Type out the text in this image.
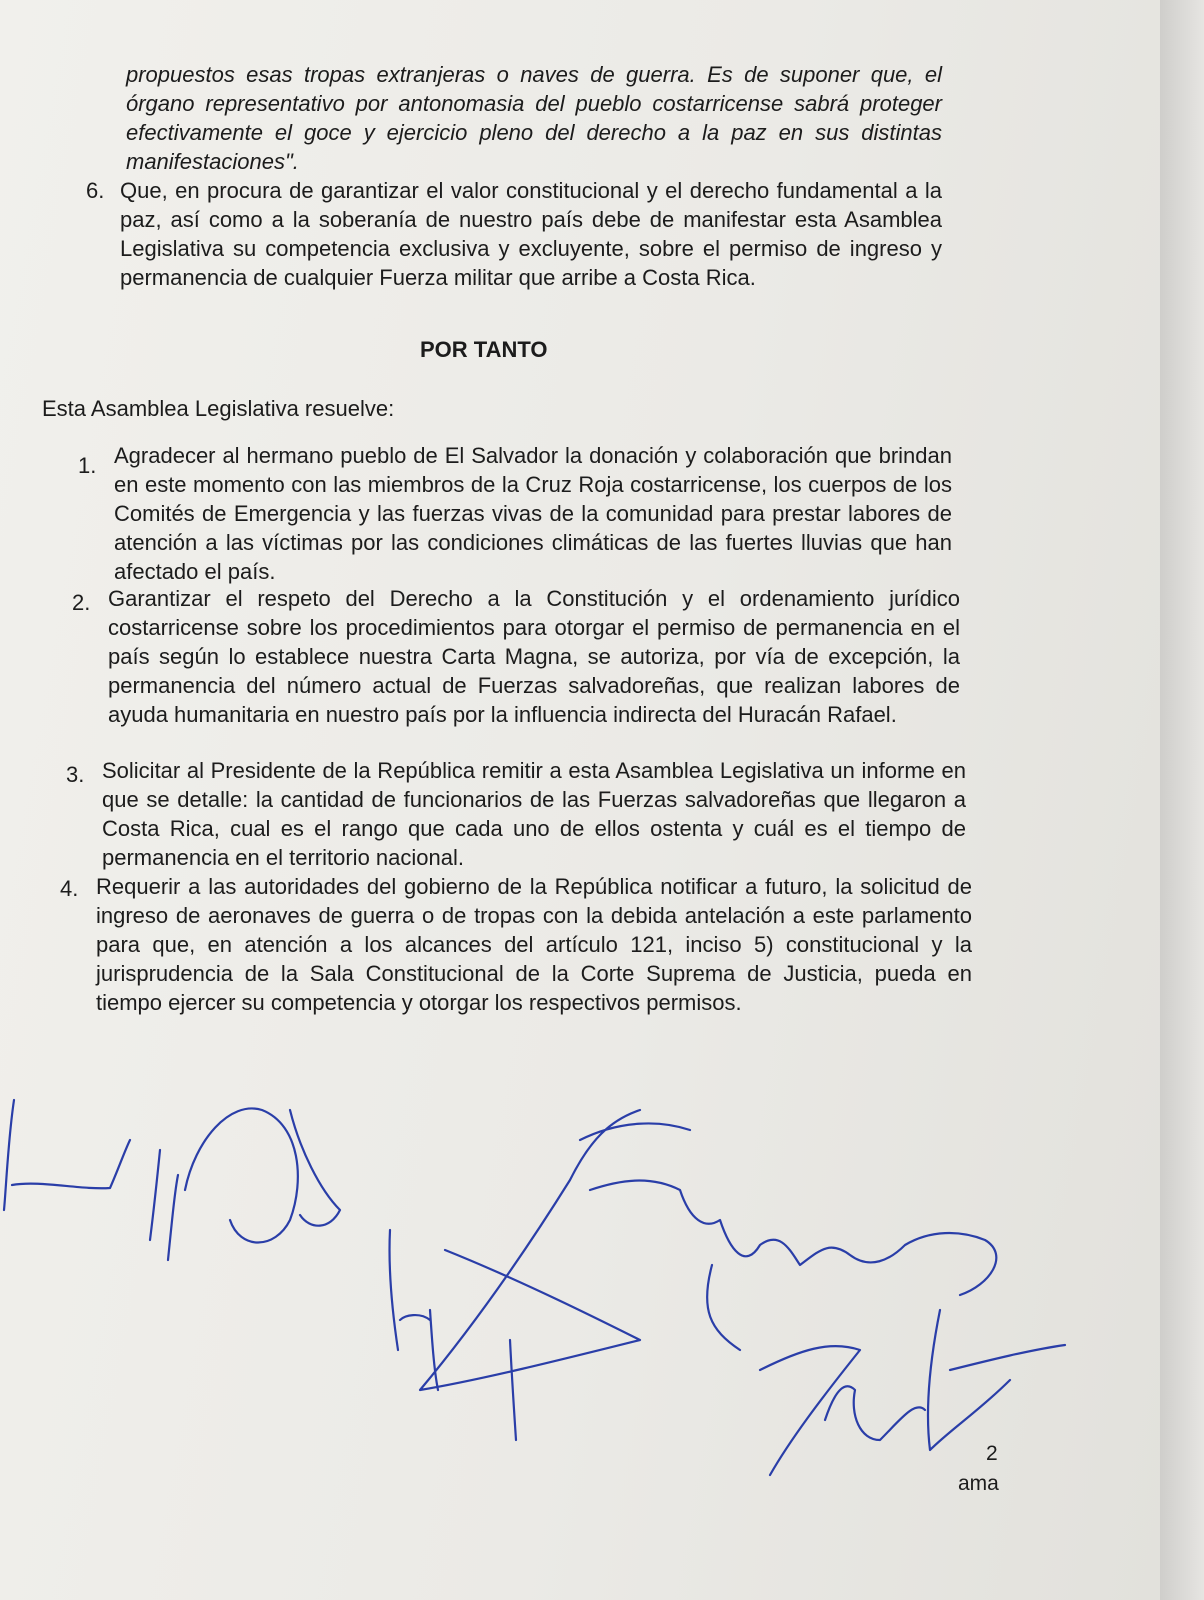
propuestos esas tropas extranjeras o naves de guerra. Es de suponer que, el órgano representativo por antonomasia del pueblo costarricense sabrá proteger efectivamente el goce y ejercicio pleno del derecho a la paz en sus distintas manifestaciones".
6. Que, en procura de garantizar el valor constitucional y el derecho fundamental a la paz, así como a la soberanía de nuestro país debe de manifestar esta Asamblea Legislativa su competencia exclusiva y excluyente, sobre el permiso de ingreso y permanencia de cualquier Fuerza militar que arribe a Costa Rica.
POR TANTO
Esta Asamblea Legislativa resuelve:
1. Agradecer al hermano pueblo de El Salvador la donación y colaboración que brindan en este momento con las miembros de la Cruz Roja costarricense, los cuerpos de los Comités de Emergencia y las fuerzas vivas de la comunidad para prestar labores de atención a las víctimas por las condiciones climáticas de las fuertes lluvias que han afectado el país.
2. Garantizar el respeto del Derecho a la Constitución y el ordenamiento jurídico costarricense sobre los procedimientos para otorgar el permiso de permanencia en el país según lo establece nuestra Carta Magna, se autoriza, por vía de excepción, la permanencia del número actual de Fuerzas salvadoreñas, que realizan labores de ayuda humanitaria en nuestro país por la influencia indirecta del Huracán Rafael.
3. Solicitar al Presidente de la República remitir a esta Asamblea Legislativa un informe en que se detalle: la cantidad de funcionarios de las Fuerzas salvadoreñas que llegaron a Costa Rica, cual es el rango que cada uno de ellos ostenta y cuál es el tiempo de permanencia en el territorio nacional.
4. Requerir a las autoridades del gobierno de la República notificar a futuro, la solicitud de ingreso de aeronaves de guerra o de tropas con la debida antelación a este parlamento para que, en atención a los alcances del artículo 121, inciso 5) constitucional y la jurisprudencia de la Sala Constitucional de la Corte Suprema de Justicia, pueda en tiempo ejercer su competencia y otorgar los respectivos permisos.
2
ama
